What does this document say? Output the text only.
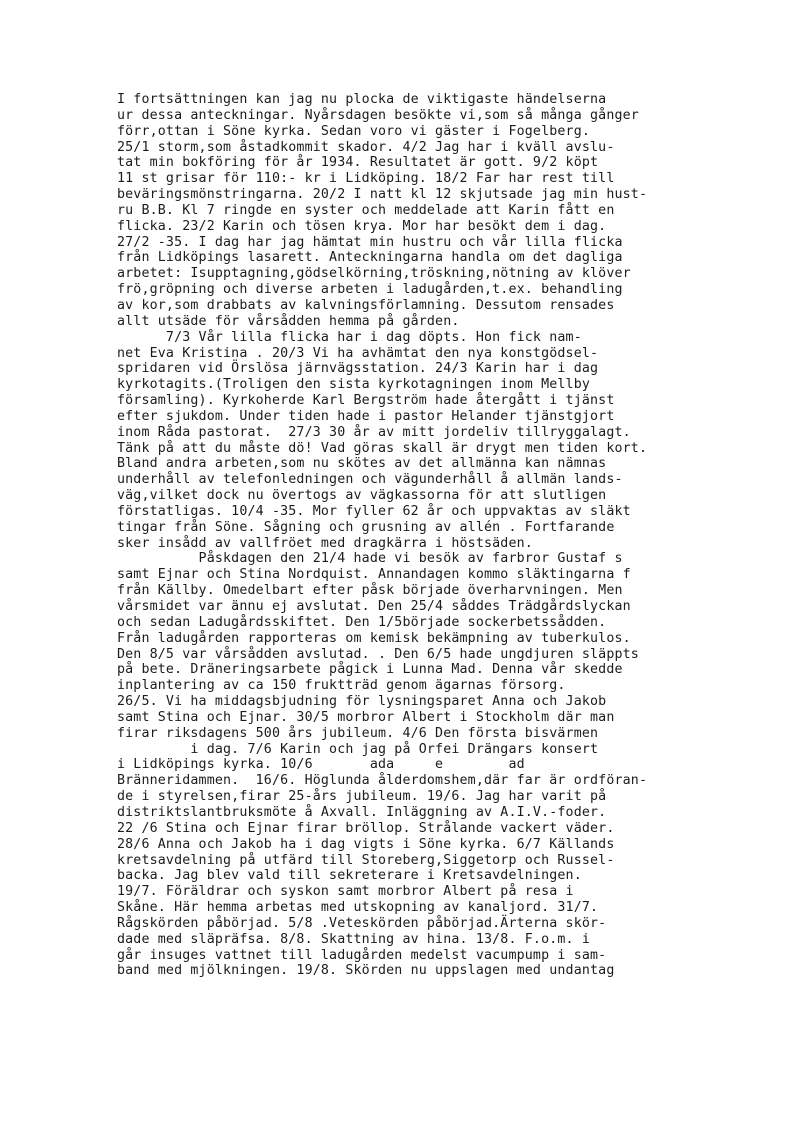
I fortsättningen kan jag nu plocka de viktigaste händelserna
ur dessa anteckningar. Nyårsdagen besökte vi,som så många gånger
förr,ottan i Söne kyrka. Sedan voro vi gäster i Fogelberg.
25/1 storm,som åstadkommit skador. 4/2 Jag har i kväll avslu-
tat min bokföring för år 1934. Resultatet är gott. 9/2 köpt
11 st grisar för 110:- kr i Lidköping. 18/2 Far har rest till
beväringsmönstringarna. 20/2 I natt kl 12 skjutsade jag min hust-
ru B.B. Kl 7 ringde en syster och meddelade att Karin fått en
flicka. 23/2 Karin och tösen krya. Mor har besökt dem i dag.
27/2 -35. I dag har jag hämtat min hustru och vår lilla flicka
från Lidköpings lasarett. Anteckningarna handla om det dagliga
arbetet: Isupptagning,gödselkörning,tröskning,nötning av klöver
frö,gröpning och diverse arbeten i ladugården,t.ex. behandling
av kor,som drabbats av kalvningsförlamning. Dessutom rensades
allt utsäde för vårsådden hemma på gården.
7/3 Vår lilla flicka har i dag döpts. Hon fick nam-
net Eva Kristina . 20/3 Vi ha avhämtat den nya konstgödsel-
spridaren vid Örslösa järnvägsstation. 24/3 Karin har i dag
kyrkotagits.(Troligen den sista kyrkotagningen inom Mellby
församling). Kyrkoherde Karl Bergström hade återgått i tjänst
efter sjukdom. Under tiden hade i pastor Helander tjänstgjort
inom Råda pastorat.  27/3 30 år av mitt jordeliv tillryggalagt.
Tänk på att du måste dö! Vad göras skall är drygt men tiden kort.
Bland andra arbeten,som nu skötes av det allmänna kan nämnas
underhåll av telefonledningen och vägunderhåll å allmän lands-
väg,vilket dock nu övertogs av vägkassorna för att slutligen
förstatligas. 10/4 -35. Mor fyller 62 år och uppvaktas av släkt
tingar från Söne. Sågning och grusning av allén . Fortfarande
sker insådd av vallfröet med dragkärra i höstsäden.
Påskdagen den 21/4 hade vi besök av farbror Gustaf s
samt Ejnar och Stina Nordquist. Annandagen kommo släktingarna f
från Källby. Omedelbart efter påsk började överharvningen. Men
vårsmidet var ännu ej avslutat. Den 25/4 såddes Trädgårdslyckan
och sedan Ladugårdsskiftet. Den 1/5började sockerbetssådden.
Från ladugården rapporteras om kemisk bekämpning av tuberkulos.
Den 8/5 var vårsådden avslutad. . Den 6/5 hade ungdjuren släppts
på bete. Dräneringsarbete pågick i Lunna Mad. Denna vår skedde
inplantering av ca 150 fruktträd genom ägarnas försorg.
26/5. Vi ha middagsbjudning för lysningsparet Anna och Jakob
samt Stina och Ejnar. 30/5 morbror Albert i Stockholm där man
firar riksdagens 500 års jubileum. 4/6 Den första bisvärmen
i dag. 7/6 Karin och jag på Orfei Drängars konsert
i Lidköpings kyrka. 10/6       ada     e        ad
Bränneridammen.  16/6. Höglunda ålderdomshem,där far är ordföran-
de i styrelsen,firar 25-års jubileum. 19/6. Jag har varit på
distriktslantbruksmöte å Axvall. Inläggning av A.I.V.-foder.
22 /6 Stina och Ejnar firar bröllop. Strålande vackert väder.
28/6 Anna och Jakob ha i dag vigts i Söne kyrka. 6/7 Källands
kretsavdelning på utfärd till Storeberg,Siggetorp och Russel-
backa. Jag blev vald till sekreterare i Kretsavdelningen.
19/7. Föräldrar och syskon samt morbror Albert på resa i
Skåne. Här hemma arbetas med utskopning av kanaljord. 31/7.
Rågskörden påbörjad. 5/8 .Veteskörden påbörjad.Ärterna skör-
dade med släpräfsa. 8/8. Skattning av hina. 13/8. F.o.m. i
går insuges vattnet till ladugården medelst vacumpump i sam-
band med mjölkningen. 19/8. Skörden nu uppslagen med undantag
